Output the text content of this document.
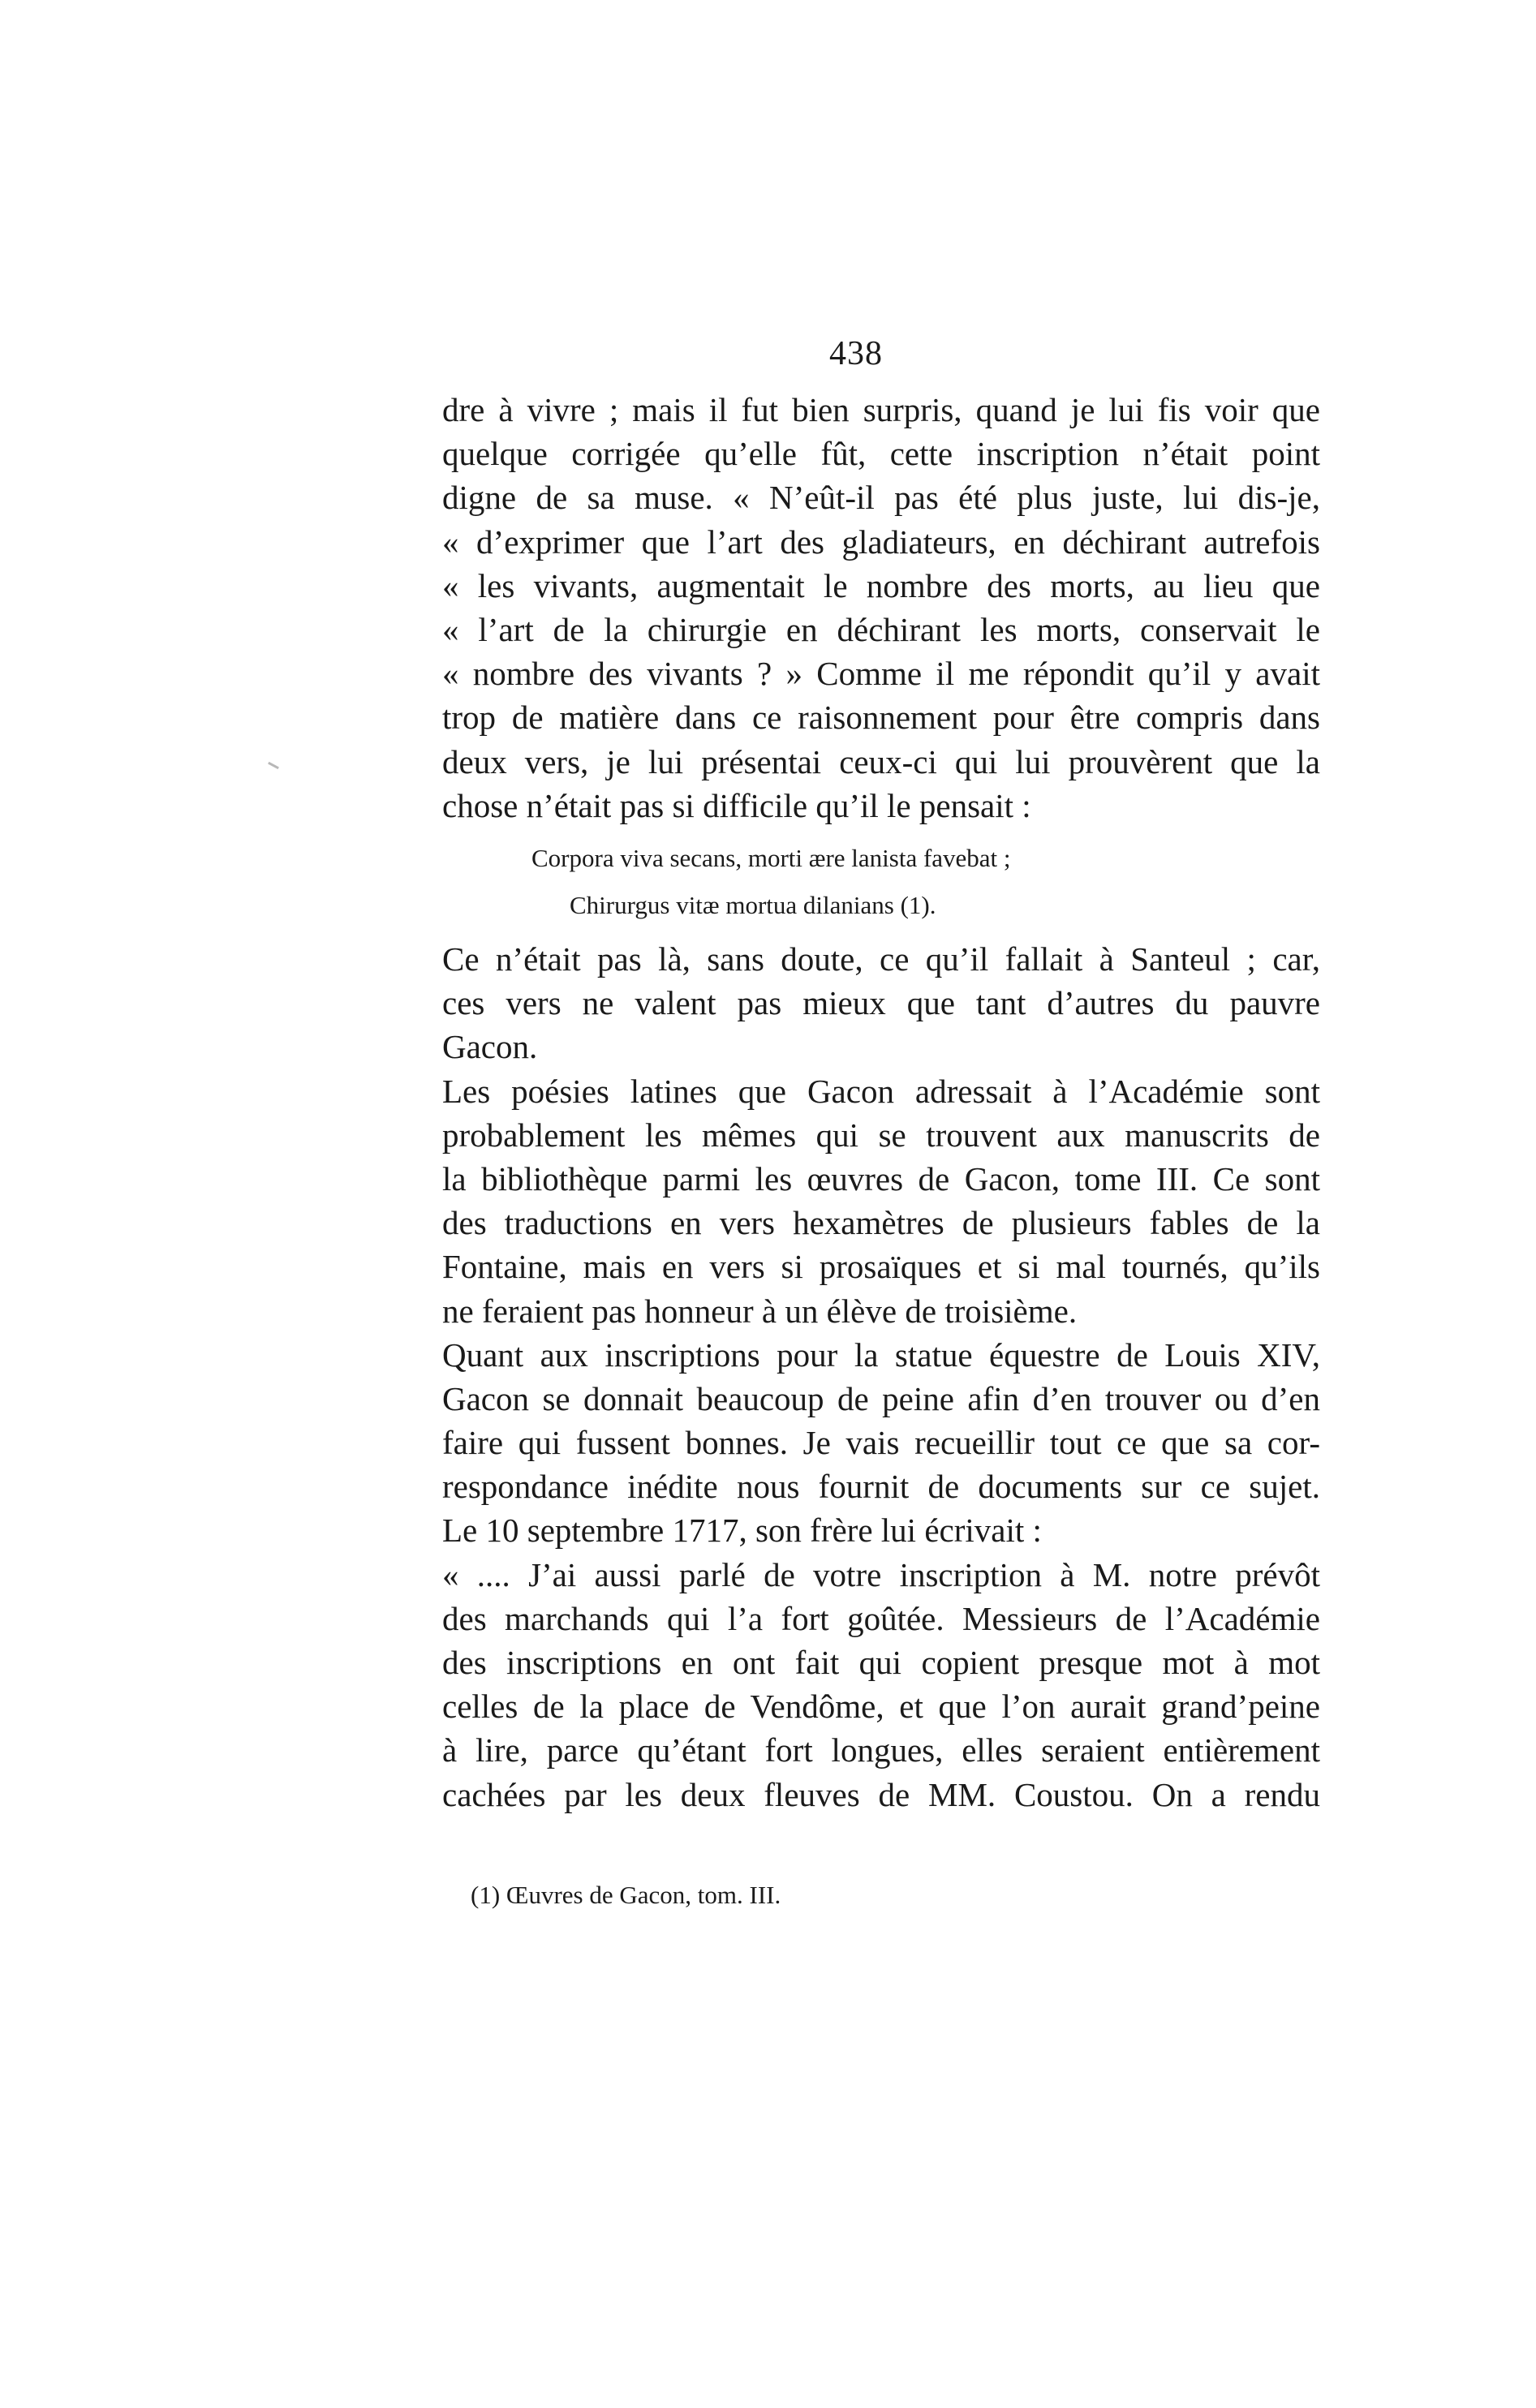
438
dre à vivre ; mais il fut bien surpris, quand je lui fis voir que
quelque corrigée qu’elle fût, cette inscription n’était point
digne de sa muse. « N’eût-il pas été plus juste, lui dis-je,
« d’exprimer que l’art des gladiateurs, en déchirant autrefois
« les vivants, augmentait le nombre des morts, au lieu que
« l’art de la chirurgie en déchirant les morts, conservait le
« nombre des vivants ? » Comme il me répondit qu’il y avait
trop de matière dans ce raisonnement pour être compris dans
deux vers, je lui présentai ceux-ci qui lui prouvèrent que la
chose n’était pas si difficile qu’il le pensait :
Corpora viva secans, morti ære lanista favebat ;
Chirurgus vitæ mortua dilanians (1).
Ce n’était pas là, sans doute, ce qu’il fallait à Santeul ; car,
ces vers ne valent pas mieux que tant d’autres du pauvre
Gacon.
Les poésies latines que Gacon adressait à l’Académie sont
probablement les mêmes qui se trouvent aux manuscrits de
la bibliothèque parmi les œuvres de Gacon, tome III. Ce sont
des traductions en vers hexamètres de plusieurs fables de la
Fontaine, mais en vers si prosaïques et si mal tournés, qu’ils
ne feraient pas honneur à un élève de troisième.
Quant aux inscriptions pour la statue équestre de Louis XIV,
Gacon se donnait beaucoup de peine afin d’en trouver ou d’en
faire qui fussent bonnes. Je vais recueillir tout ce que sa cor-
respondance inédite nous fournit de documents sur ce sujet.
Le 10 septembre 1717, son frère lui écrivait :
« .... J’ai aussi parlé de votre inscription à M. notre prévôt
des marchands qui l’a fort goûtée. Messieurs de l’Académie
des inscriptions en ont fait qui copient presque mot à mot
celles de la place de Vendôme, et que l’on aurait grand’peine
à lire, parce qu’étant fort longues, elles seraient entièrement
cachées par les deux fleuves de MM. Coustou. On a rendu
(1) Œuvres de Gacon, tom. III.
